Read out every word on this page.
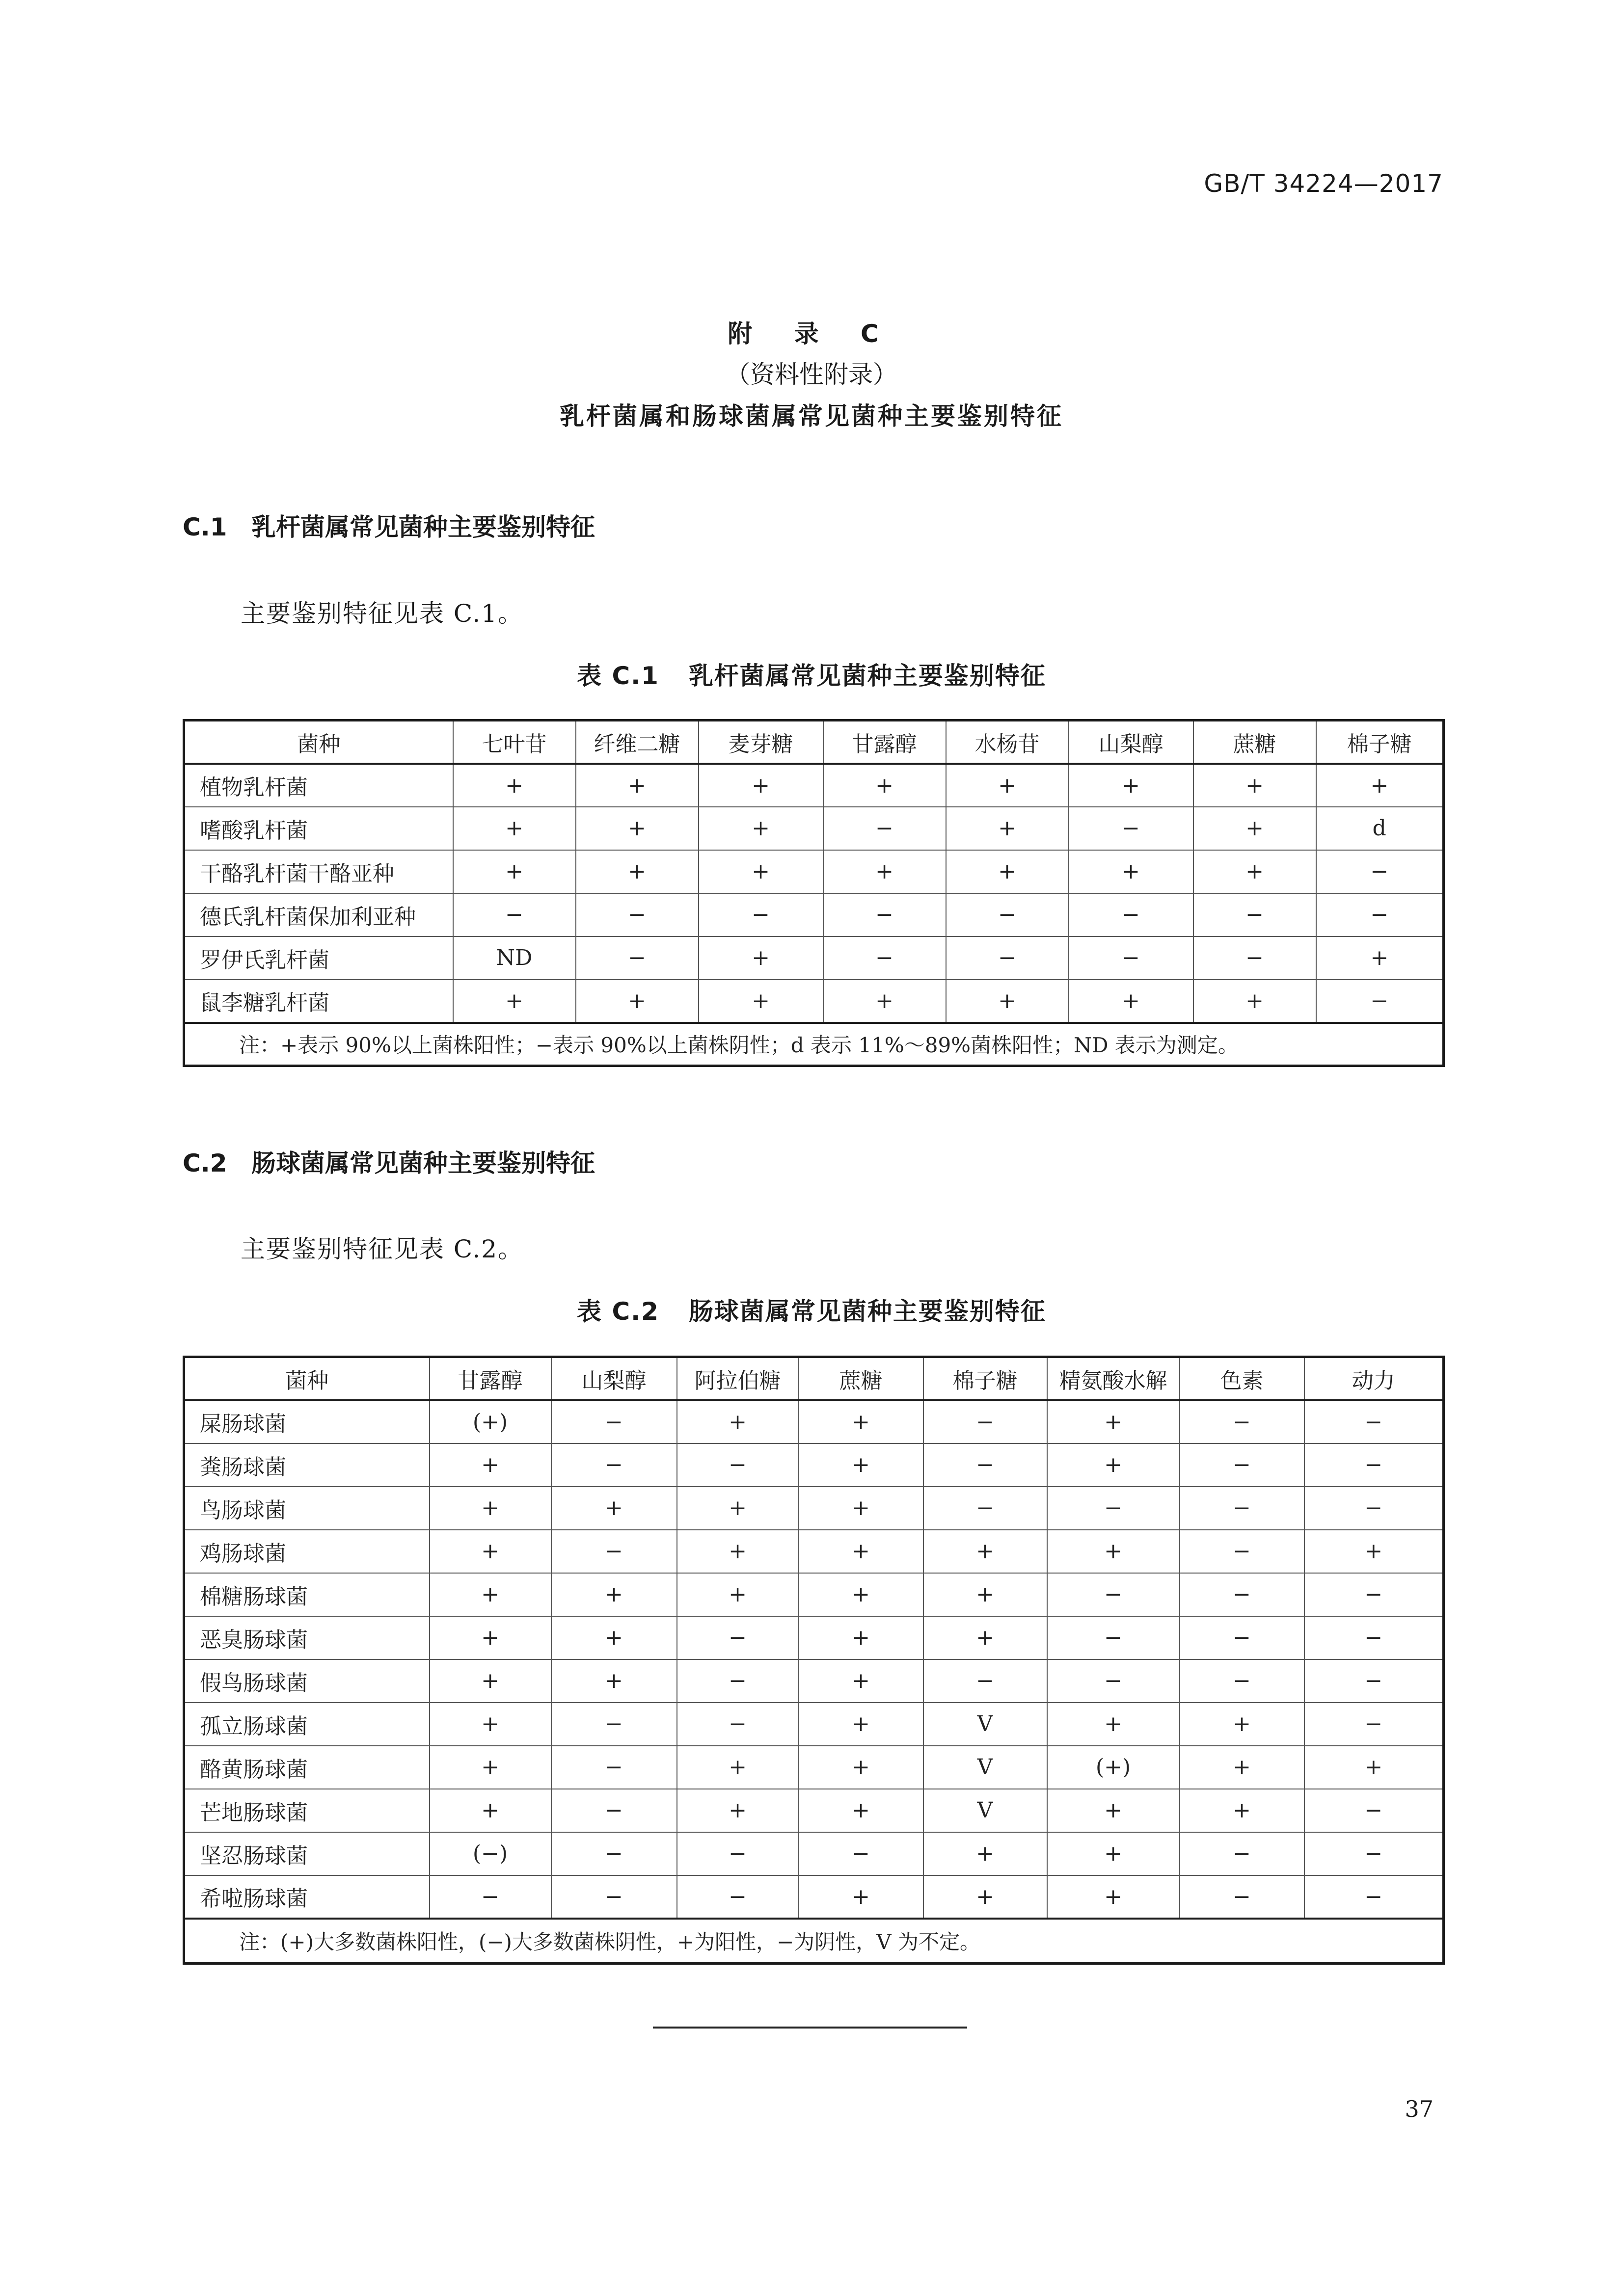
GB/T 34224—2017
附 录 C
（资料性附录）
乳杆菌属和肠球菌属常见菌种主要鉴别特征
C.1 乳杆菌属常见菌种主要鉴别特征
主要鉴别特征见表 C.1。
表 C.1 乳杆菌属常见菌种主要鉴别特征
菌种	七叶苷	纤维二糖	麦芽糖	甘露醇	水杨苷	山梨醇	蔗糖	棉子糖
植物乳杆菌	+	+	+	+	+	+	+	+
嗜酸乳杆菌	+	+	+	−	+	−	+	d
干酪乳杆菌干酪亚种	+	+	+	+	+	+	+	−
德氏乳杆菌保加利亚种	−	−	−	−	−	−	−	−
罗伊氏乳杆菌	ND	−	+	−	−	−	−	+
鼠李糖乳杆菌	+	+	+	+	+	+	+	−
注：+表示 90%以上菌株阳性；−表示 90%以上菌株阴性；d 表示 11%～89%菌株阳性；ND 表示为测定。								
C.2 肠球菌属常见菌种主要鉴别特征
主要鉴别特征见表 C.2。
表 C.2 肠球菌属常见菌种主要鉴别特征
菌种	甘露醇	山梨醇	阿拉伯糖	蔗糖	棉子糖	精氨酸水解	色素	动力
屎肠球菌	(+)	−	+	+	−	+	−	−
粪肠球菌	+	−	−	+	−	+	−	−
鸟肠球菌	+	+	+	+	−	−	−	−
鸡肠球菌	+	−	+	+	+	+	−	+
棉糖肠球菌	+	+	+	+	+	−	−	−
恶臭肠球菌	+	+	−	+	+	−	−	−
假鸟肠球菌	+	+	−	+	−	−	−	−
孤立肠球菌	+	−	−	+	V	+	+	−
酪黄肠球菌	+	−	+	+	V	(+)	+	+
芒地肠球菌	+	−	+	+	V	+	+	−
坚忍肠球菌	(−)	−	−	−	+	+	−	−
希啦肠球菌	−	−	−	+	+	+	−	−
注：(+)大多数菌株阳性，(−)大多数菌株阴性，+为阳性，−为阴性，V 为不定。								
37
